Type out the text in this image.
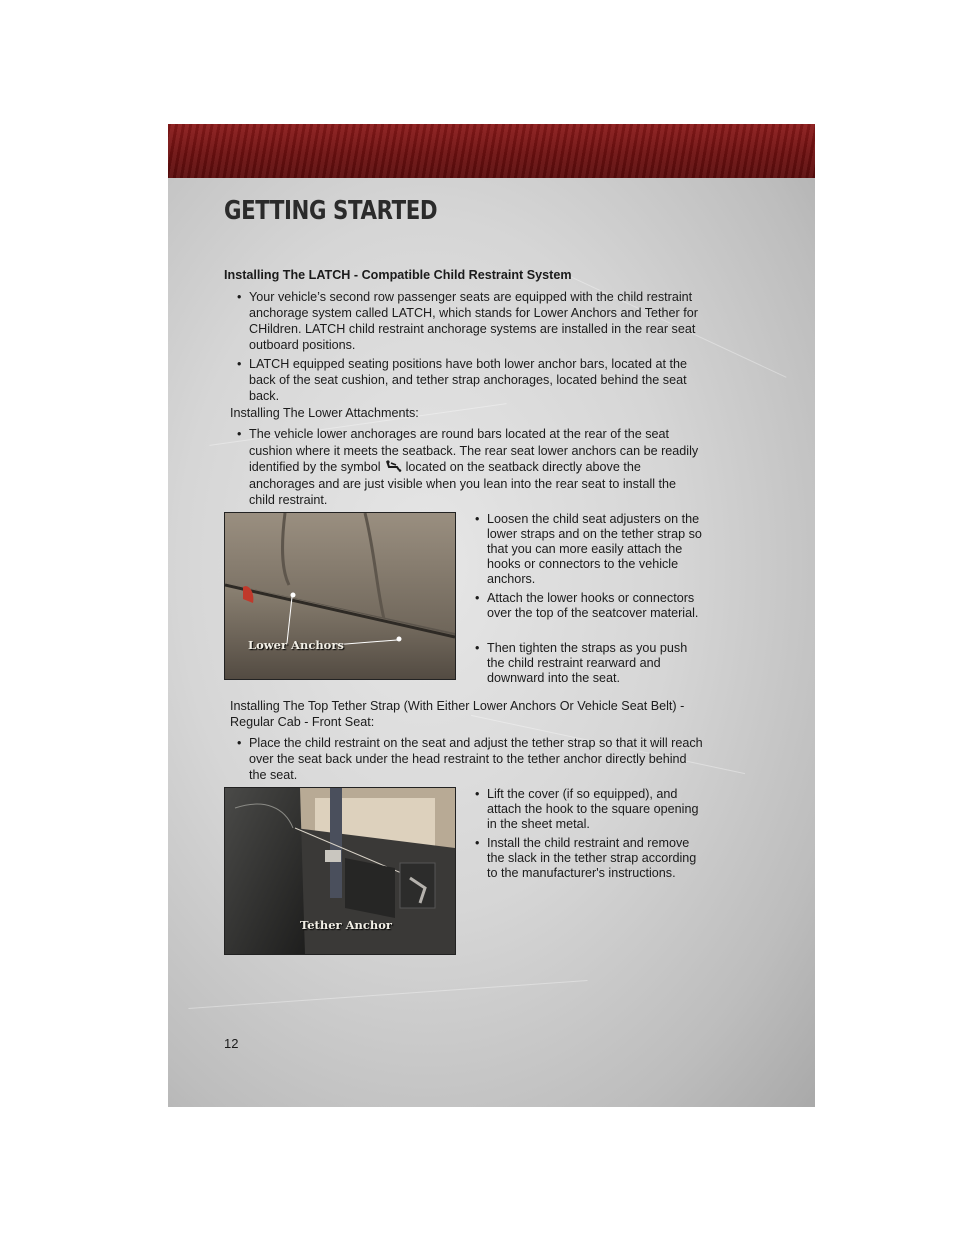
GETTING STARTED
Installing The LATCH - Compatible Child Restraint System
• Your vehicle’s second row passenger seats are equipped with the child restraint anchorage system called LATCH, which stands for Lower Anchors and Tether for CHildren. LATCH child restraint anchorage systems are installed in the rear seat outboard positions.
• LATCH equipped seating positions have both lower anchor bars, located at the back of the seat cushion, and tether strap anchorages, located behind the seat back.
Installing The Lower Attachments:
• The vehicle lower anchorages are round bars located at the rear of the seat cushion where it meets the seatback. The rear seat lower anchors can be readily identified by the symbol located on the seatback directly above the anchorages and are just visible when you lean into the rear seat to install the child restraint.
Lower Anchors
• Loosen the child seat adjusters on the lower straps and on the tether strap so that you can more easily attach the hooks or connectors to the vehicle anchors.
• Attach the lower hooks or connectors over the top of the seatcover material.
• Then tighten the straps as you push the child restraint rearward and downward into the seat.
Installing The Top Tether Strap (With Either Lower Anchors Or Vehicle Seat Belt) - Regular Cab - Front Seat:
• Place the child restraint on the seat and adjust the tether strap so that it will reach over the seat back under the head restraint to the tether anchor directly behind the seat.
Tether Anchor
• Lift the cover (if so equipped), and attach the hook to the square opening in the sheet metal.
• Install the child restraint and remove the slack in the tether strap according to the manufacturer's instructions.
12
